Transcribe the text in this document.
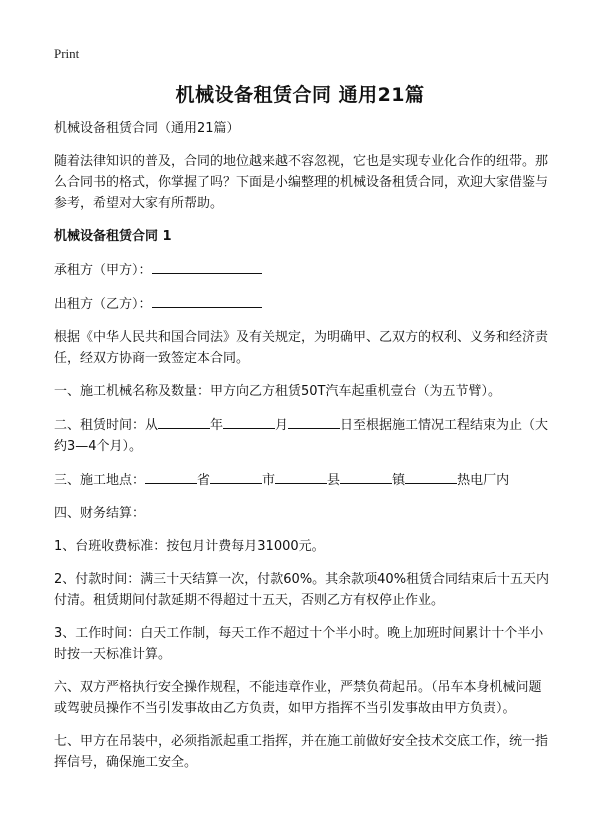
Print
机械设备租赁合同 通用21篇

机械设备租赁合同（通用21篇）

随着法律知识的普及，合同的地位越来越不容忽视，它也是实现专业化合作的纽带。那么合同书的格式，你掌握了吗？下面是小编整理的机械设备租赁合同，欢迎大家借鉴与参考，希望对大家有所帮助。

机械设备租赁合同 1

承租方（甲方）：

出租方（乙方）：

根据《中华人民共和国合同法》及有关规定，为明确甲、乙双方的权利、义务和经济责任，经双方协商一致签定本合同。

一、施工机械名称及数量：甲方向乙方租赁50T汽车起重机壹台（为五节臂）。

二、租赁时间：从	年	月	日至根据施工情况工程结束为止（大约3—4个月）。

三、施工地点：	省	市	县	镇	热电厂内

四、财务结算：

1、台班收费标准：按包月计费每月31000元。

2、付款时间：满三十天结算一次，付款60%。其余款项40%租赁合同结束后十五天内付清。租赁期间付款延期不得超过十五天，否则乙方有权停止作业。

3、工作时间：白天工作制，每天工作不超过十个半小时。晚上加班时间累计十个半小时按一天标准计算。

六、双方严格执行安全操作规程，不能违章作业，严禁负荷起吊。（吊车本身机械问题或驾驶员操作不当引发事故由乙方负责，如甲方指挥不当引发事故由甲方负责）。

七、甲方在吊装中，必须指派起重工指挥，并在施工前做好安全技术交底工作，统一指挥信号，确保施工安全。
